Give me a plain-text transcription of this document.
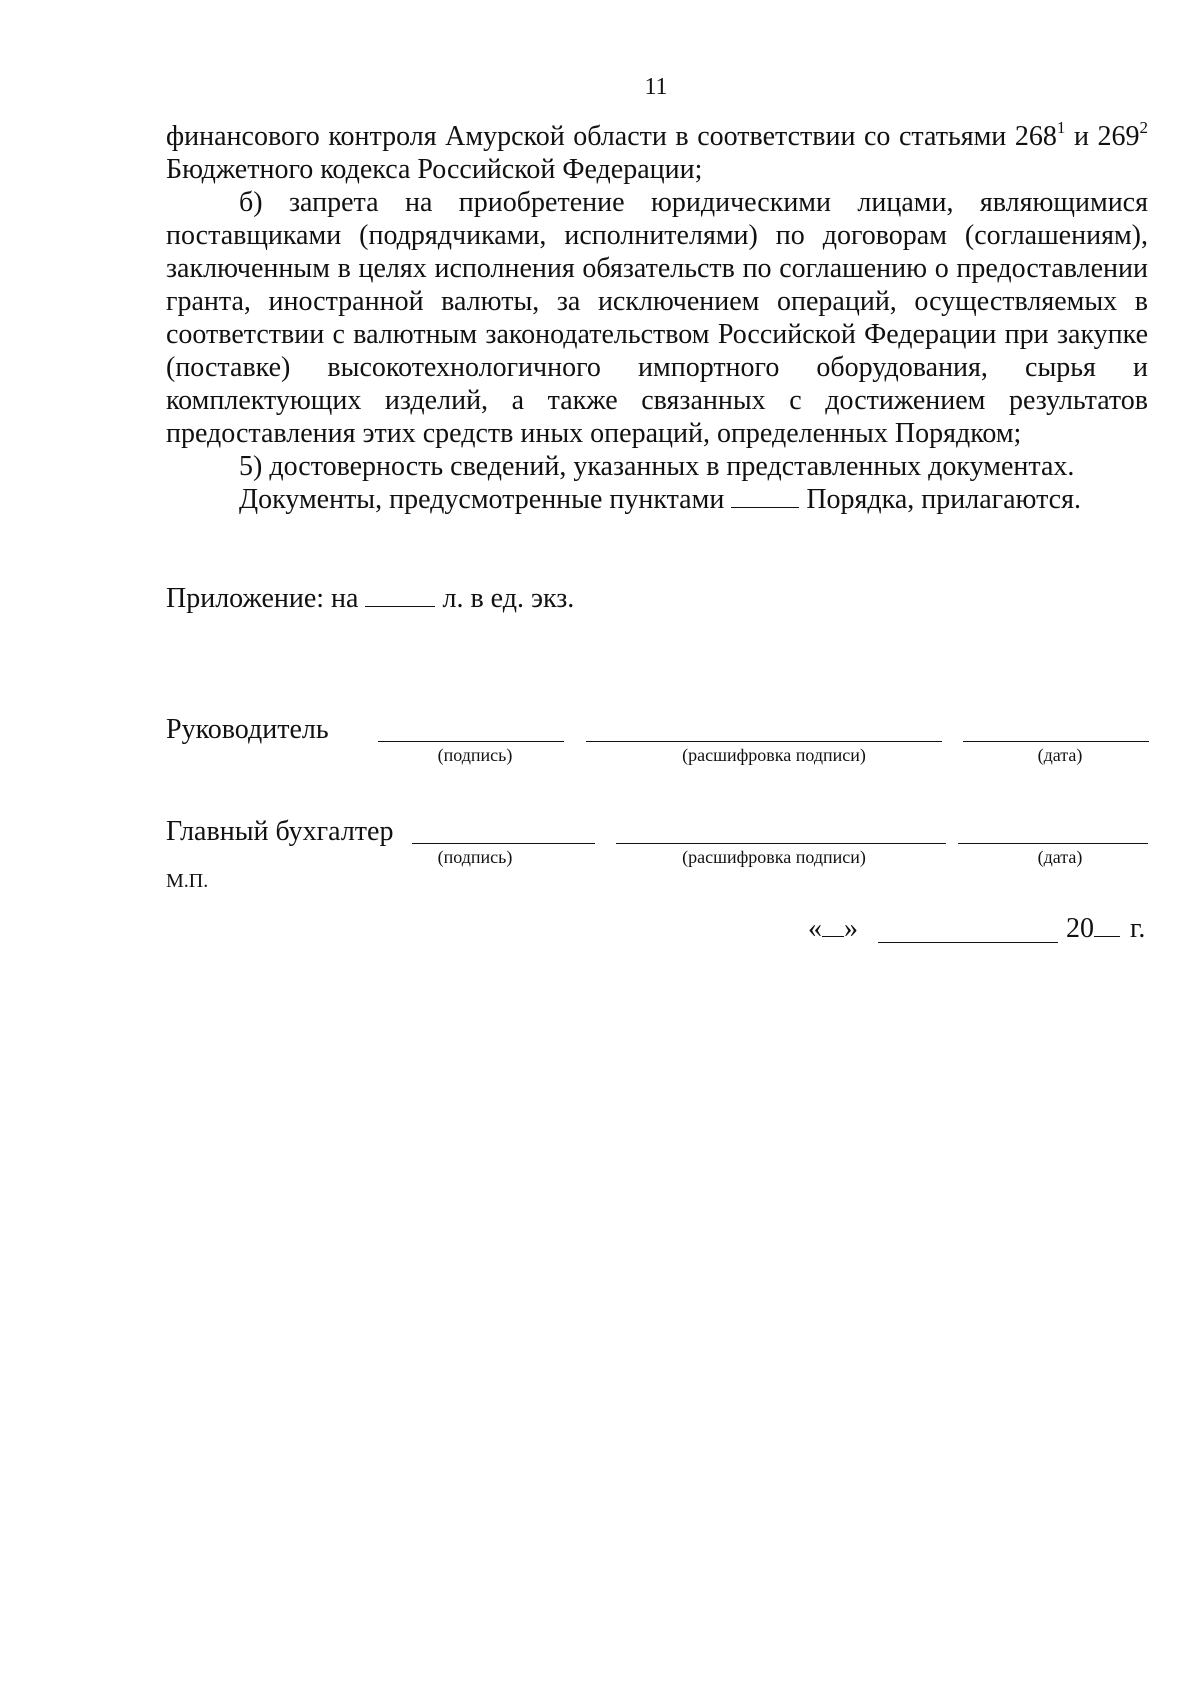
11

финансового контроля Амурской области в соответствии со статьями $268^1$ и $269^2$ Бюджетного кодекса Российской Федерации;

б) запрета на приобретение юридическими лицами, являющимися поставщиками (подрядчиками, исполнителями) по договорам (соглашениям), заключенным в целях исполнения обязательств по соглашению о предоставлении гранта, иностранной валюты, за исключением операций, осуществляемых в соответствии с валютным законодательством Российской Федерации при закупке (поставке) высокотехнологичного импортного оборудования, сырья и комплектующих изделий, а также связанных с достижением результатов предоставления этих средств иных операций, определенных Порядком;

5) достоверность сведений, указанных в представленных документах.

Документы, предусмотренные пунктами  Порядка, прилагаются.

Приложение: на	л. в ед. экз.
Руководитель
(подпись)	(расшифровка подписи)	(дата)
Главный бухгалтер
(подпись)	(расшифровка подписи)	(дата)
М.П.
« »	20 г.
